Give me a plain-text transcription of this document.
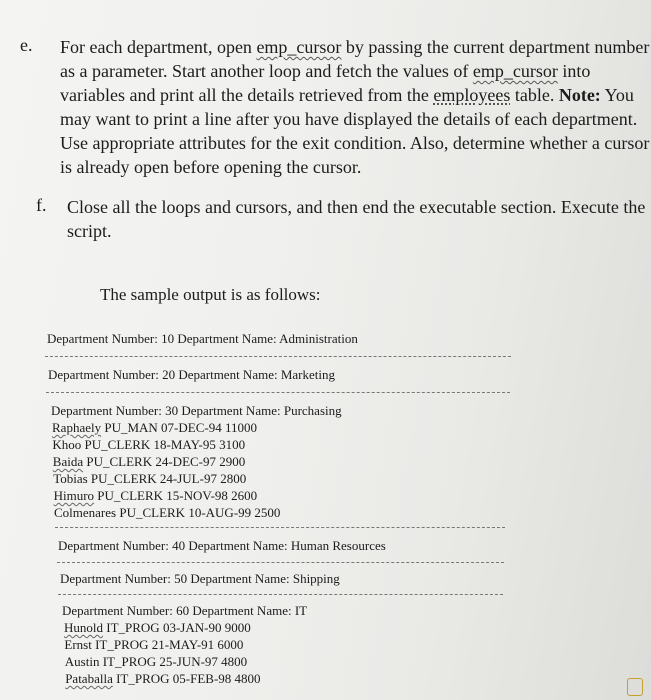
e. For each department, open emp_cursor by passing the current department number as a parameter. Start another loop and fetch the values of emp_cursor into variables and print all the details retrieved from the employees table. Note: You may want to print a line after you have displayed the details of each department. Use appropriate attributes for the exit condition. Also, determine whether a cursor is already open before opening the cursor.
f. Close all the loops and cursors, and then end the executable section. Execute the script.
The sample output is as follows:
Department Number: 10 Department Name: Administration
Department Number: 20 Department Name: Marketing
Department Number: 30 Department Name: Purchasing
Raphaely PU_MAN 07-DEC-94 11000
Khoo PU_CLERK 18-MAY-95 3100
Baida PU_CLERK 24-DEC-97 2900
Tobias PU_CLERK 24-JUL-97 2800
Himuro PU_CLERK 15-NOV-98 2600
Colmenares PU_CLERK 10-AUG-99 2500
Department Number: 40 Department Name: Human Resources
Department Number: 50 Department Name: Shipping
Department Number: 60 Department Name: IT
Hunold IT_PROG 03-JAN-90 9000
Ernst IT_PROG 21-MAY-91 6000
Austin IT_PROG 25-JUN-97 4800
Pataballa IT_PROG 05-FEB-98 4800
